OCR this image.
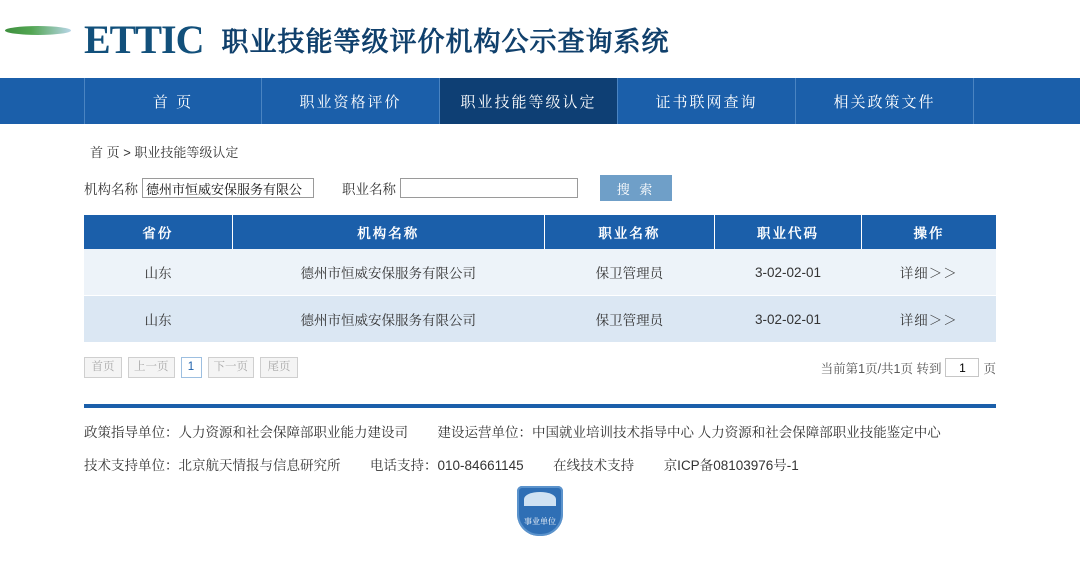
ETTIC 职业技能等级评价机构公示查询系统
首 页	职业资格评价	职业技能等级认定	证书联网查询	相关政策文件
首 页 > 职业技能等级认定
机构名称
德州市恒威安保服务有限公	职业名称	搜 索
省份	机构名称	职业名称	职业代码	操作
山东	德州市恒威安保服务有限公司	保卫管理员	3-02-02-01	详细＞＞
山东	德州市恒威安保服务有限公司	保卫管理员	3-02-02-01	详细＞＞
首页	上一页	1	下一页	尾页	当前第1页/共1页 转到
1	页
政策指导单位：人力资源和社会保障部职业能力建设司 建设运营单位：中国就业培训技术指导中心 人力资源和社会保障部职业技能鉴定中心
技术支持单位：北京航天情报与信息研究所 电话支持：010-84661145 在线技术支持 京ICP备08103976号-1
事业单位
